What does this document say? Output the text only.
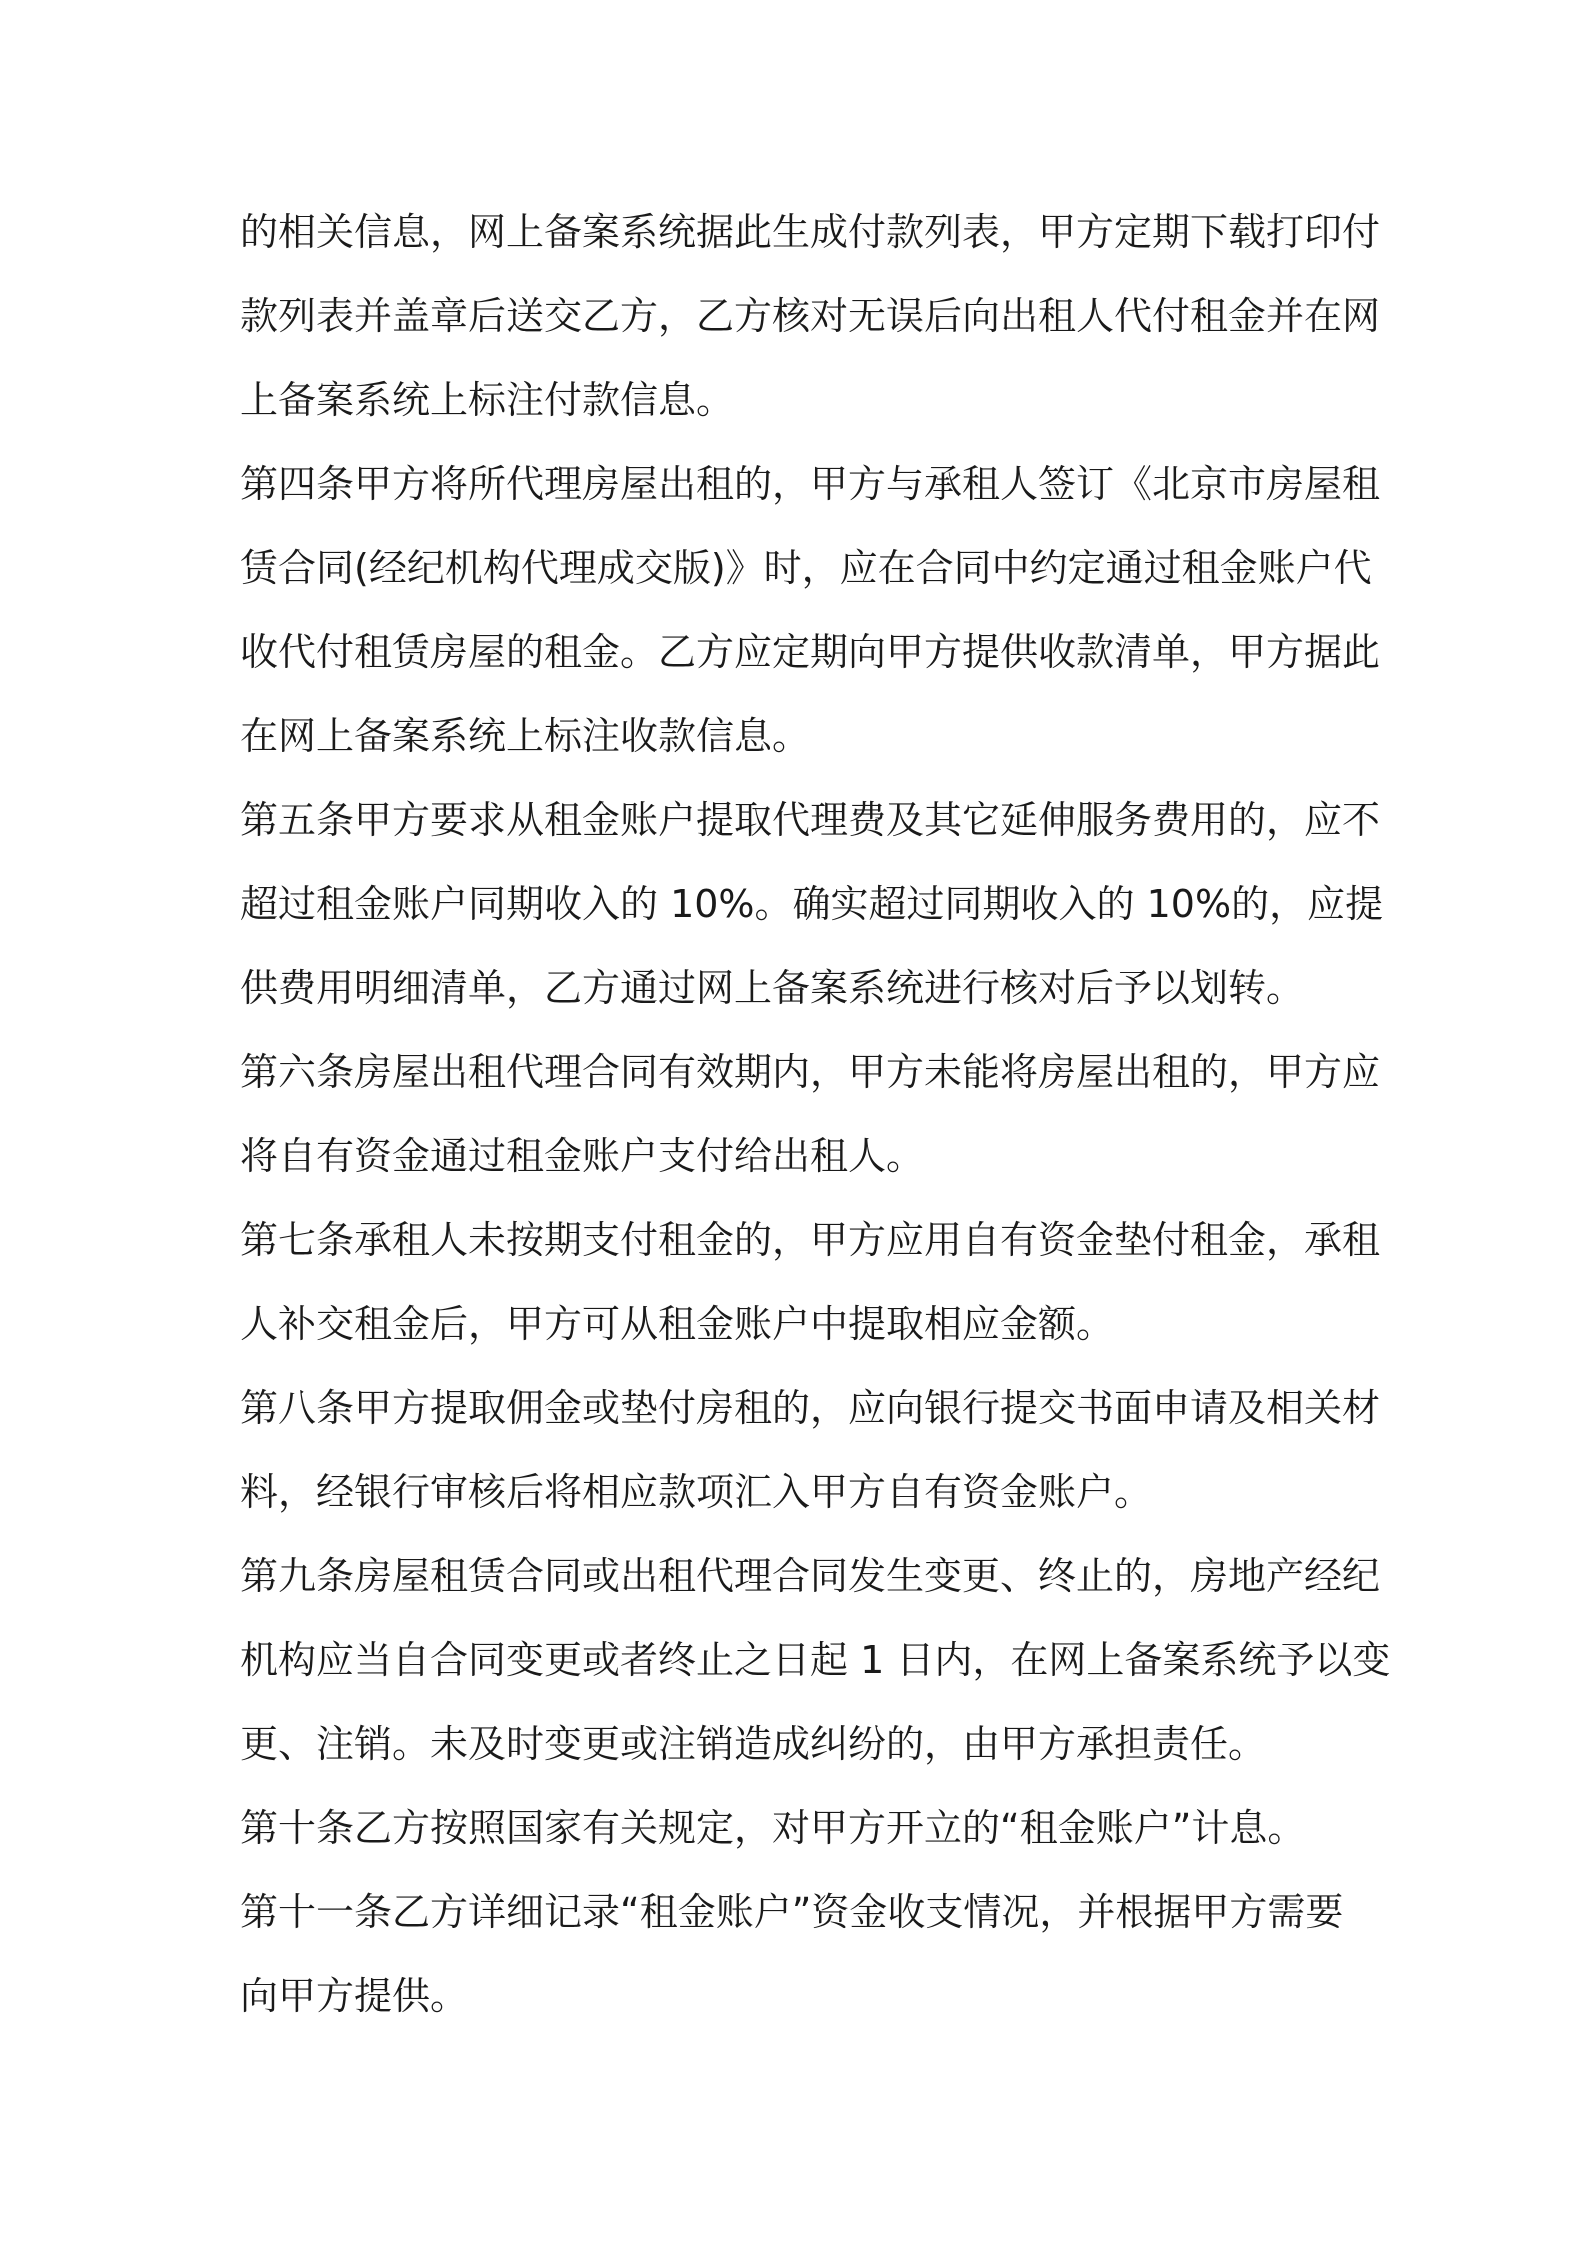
的相关信息，网上备案系统据此生成付款列表，甲方定期下载打印付
款列表并盖章后送交乙方，乙方核对无误后向出租人代付租金并在网
上备案系统上标注付款信息。
第四条甲方将所代理房屋出租的，甲方与承租人签订《北京市房屋租
赁合同(经纪机构代理成交版)》时，应在合同中约定通过租金账户代
收代付租赁房屋的租金。乙方应定期向甲方提供收款清单，甲方据此
在网上备案系统上标注收款信息。
第五条甲方要求从租金账户提取代理费及其它延伸服务费用的，应不
超过租金账户同期收入的 10%。确实超过同期收入的 10%的，应提
供费用明细清单，乙方通过网上备案系统进行核对后予以划转。
第六条房屋出租代理合同有效期内，甲方未能将房屋出租的，甲方应
将自有资金通过租金账户支付给出租人。
第七条承租人未按期支付租金的，甲方应用自有资金垫付租金，承租
人补交租金后，甲方可从租金账户中提取相应金额。
第八条甲方提取佣金或垫付房租的，应向银行提交书面申请及相关材
料，经银行审核后将相应款项汇入甲方自有资金账户。
第九条房屋租赁合同或出租代理合同发生变更、终止的，房地产经纪
机构应当自合同变更或者终止之日起 1 日内，在网上备案系统予以变
更、注销。未及时变更或注销造成纠纷的，由甲方承担责任。
第十条乙方按照国家有关规定，对甲方开立的“租金账户”计息。
第十一条乙方详细记录“租金账户”资金收支情况，并根据甲方需要
向甲方提供。
